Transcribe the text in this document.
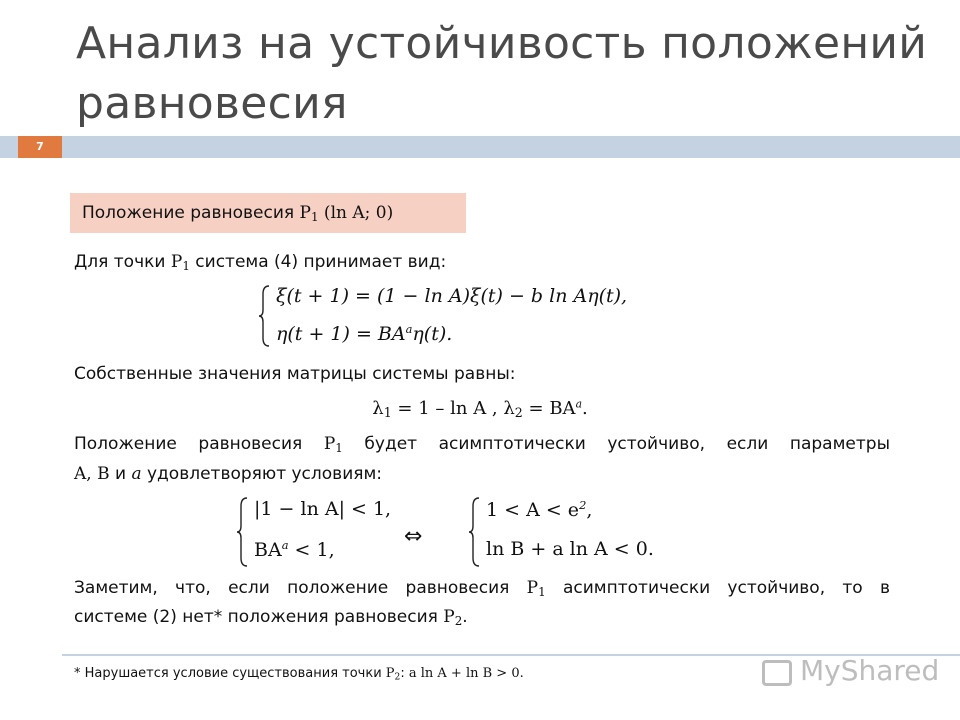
Анализ на устойчивость положений равновесия
7
Положение равновесия $P_1$ (ln A; 0)
Для точки $P_1$ система (4) принимает вид:
ξ(t + 1) = (1 − ln A)ξ(t) − b ln Aη(t),
$\eta(t + 1) = BA^a\eta(t)$.
Собственные значения матрицы системы равны:
$\lambda_1 = 1 - \ln A$ , $\lambda_2 = BA^a$.
Положение равновесия $P_1$ будет асимптотически устойчиво, если параметры
A, B и a удовлетворяют условиям:
|1 − ln A| < 1,
$BA^a < 1$,
⇔
$1 < A < e^2$,
ln B + a ln A < 0.
Заметим, что, если положение равновесия $P_1$ асимптотически устойчиво, то в
системе (2) нет* положения равновесия $P_2$.
* Нарушается условие существования точки $P_2$: a ln A + ln B > 0.	MyShared
